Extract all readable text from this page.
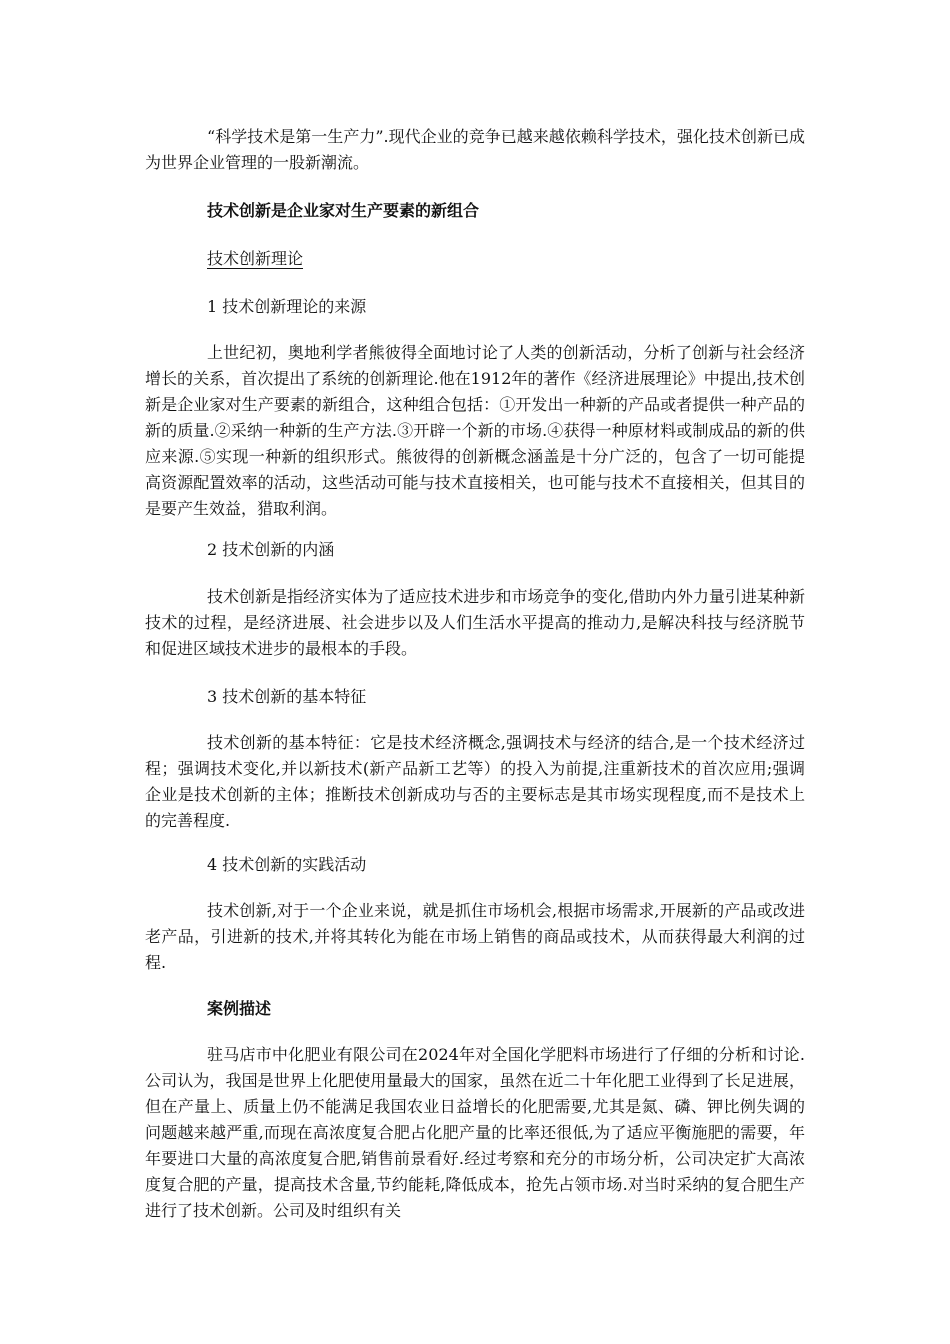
“科学技术是第一生产力”.现代企业的竞争已越来越依赖科学技术，强化技术创新已成为世界企业管理的一股新潮流。

技术创新是企业家对生产要素的新组合

技术创新理论

1 技术创新理论的来源

上世纪初，奥地利学者熊彼得全面地讨论了人类的创新活动，分析了创新与社会经济增长的关系，首次提出了系统的创新理论.他在1912年的著作《经济进展理论》中提出,技术创新是企业家对生产要素的新组合，这种组合包括：①开发出一种新的产品或者提供一种产品的新的质量.②采纳一种新的生产方法.③开辟一个新的市场.④获得一种原材料或制成品的新的供应来源.⑤实现一种新的组织形式。熊彼得的创新概念涵盖是十分广泛的，包含了一切可能提高资源配置效率的活动，这些活动可能与技术直接相关，也可能与技术不直接相关，但其目的是要产生效益，猎取利润。

2 技术创新的内涵

技术创新是指经济实体为了适应技术进步和市场竞争的变化,借助内外力量引进某种新技术的过程，是经济进展、社会进步以及人们生活水平提高的推动力,是解决科技与经济脱节和促进区域技术进步的最根本的手段。

3 技术创新的基本特征

技术创新的基本特征：它是技术经济概念,强调技术与经济的结合,是一个技术经济过程；强调技术变化,并以新技术(新产品新工艺等）的投入为前提,注重新技术的首次应用;强调企业是技术创新的主体；推断技术创新成功与否的主要标志是其市场实现程度,而不是技术上的完善程度.

4 技术创新的实践活动

技术创新,对于一个企业来说，就是抓住市场机会,根据市场需求,开展新的产品或改进老产品，引进新的技术,并将其转化为能在市场上销售的商品或技术，从而获得最大利润的过程.

案例描述

驻马店市中化肥业有限公司在2024年对全国化学肥料市场进行了仔细的分析和讨论.公司认为，我国是世界上化肥使用量最大的国家，虽然在近二十年化肥工业得到了长足进展，但在产量上、质量上仍不能满足我国农业日益增长的化肥需要,尤其是氮、磷、钾比例失调的问题越来越严重,而现在高浓度复合肥占化肥产量的比率还很低,为了适应平衡施肥的需要，年年要进口大量的高浓度复合肥,销售前景看好.经过考察和充分的市场分析，公司决定扩大高浓度复合肥的产量，提高技术含量,节约能耗,降低成本，抢先占领市场.对当时采纳的复合肥生产进行了技术创新。公司及时组织有关
